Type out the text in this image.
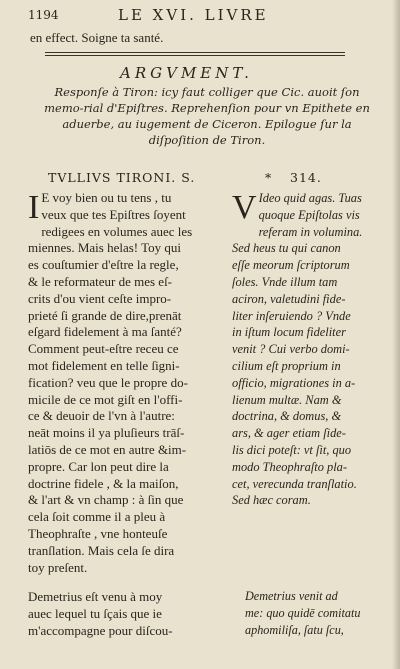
1194	LE XVI. LIVRE
en effect. Soigne ta santé.
ARGVMENT.
Responſe à Tiron: icy faut colliger que Cic. auoit ſon memo-rial d'Epiſtres. Reprehenſion pour vn Epithete en aduerbe, au iugement de Ciceron. Epilogue ſur la diſpoſition de Tiron.
TVLLIVS TIRONI. S.	* 314.
I E voy bien ou tu tens , tu
veux que tes Epiſtres ſoyent
redigees en volumes auec les
miennes. Mais helas! Toy qui
es couſtumier d'eſtre la regle,
& le reformateur de mes eſ-
crits d'ou vient ceſte impro-
prieté ſi grande de dire,prenāt
eſgard fidelement à ma ſanté?
Comment peut-eſtre receu ce
mot fidelement en telle ſigni-
fication? veu que le propre do-
micile de ce mot giſt en l'offi-
ce & deuoir de l'vn à l'autre:
neāt moins il ya pluſieurs trāſ-
latiōs de ce mot en autre &im-
propre. Car lon peut dire la
doctrine fidele , & la maiſon,
& l'art & vn champ : à ſin que
cela ſoit comme il a pleu à
Theophraſte , vne honteuſe
tranſlation. Mais cela ſe dira
toy preſent.
V Ideo quid agas. Tuas
quoque Epiſtolas vis
referam in volumina.
Sed heus tu qui canon
eſſe meorum ſcriptorum
ſoles. Vnde illum tam
aciron, valetudini fide-
liter inſeruiendo ? Vnde
in iſtum locum fideliter
venit ? Cui verbo domi-
cilium eſt proprium in
officio, migrationes in a-
lienum multæ. Nam &
doctrina, & domus, &
ars, & ager etiam ſide-
lis dici poteſt: vt ſit, quo
modo Theophraſto pla-
cet, verecunda tranſlatio.
Sed hæc coram.
Demetrius eſt venu à moy
auec lequel tu ſçais que ie
m'accompagne pour diſcou-
Demetrius venit ad
me: quo quidē comitatu
aphomiliſa, ſatu ſcu,
